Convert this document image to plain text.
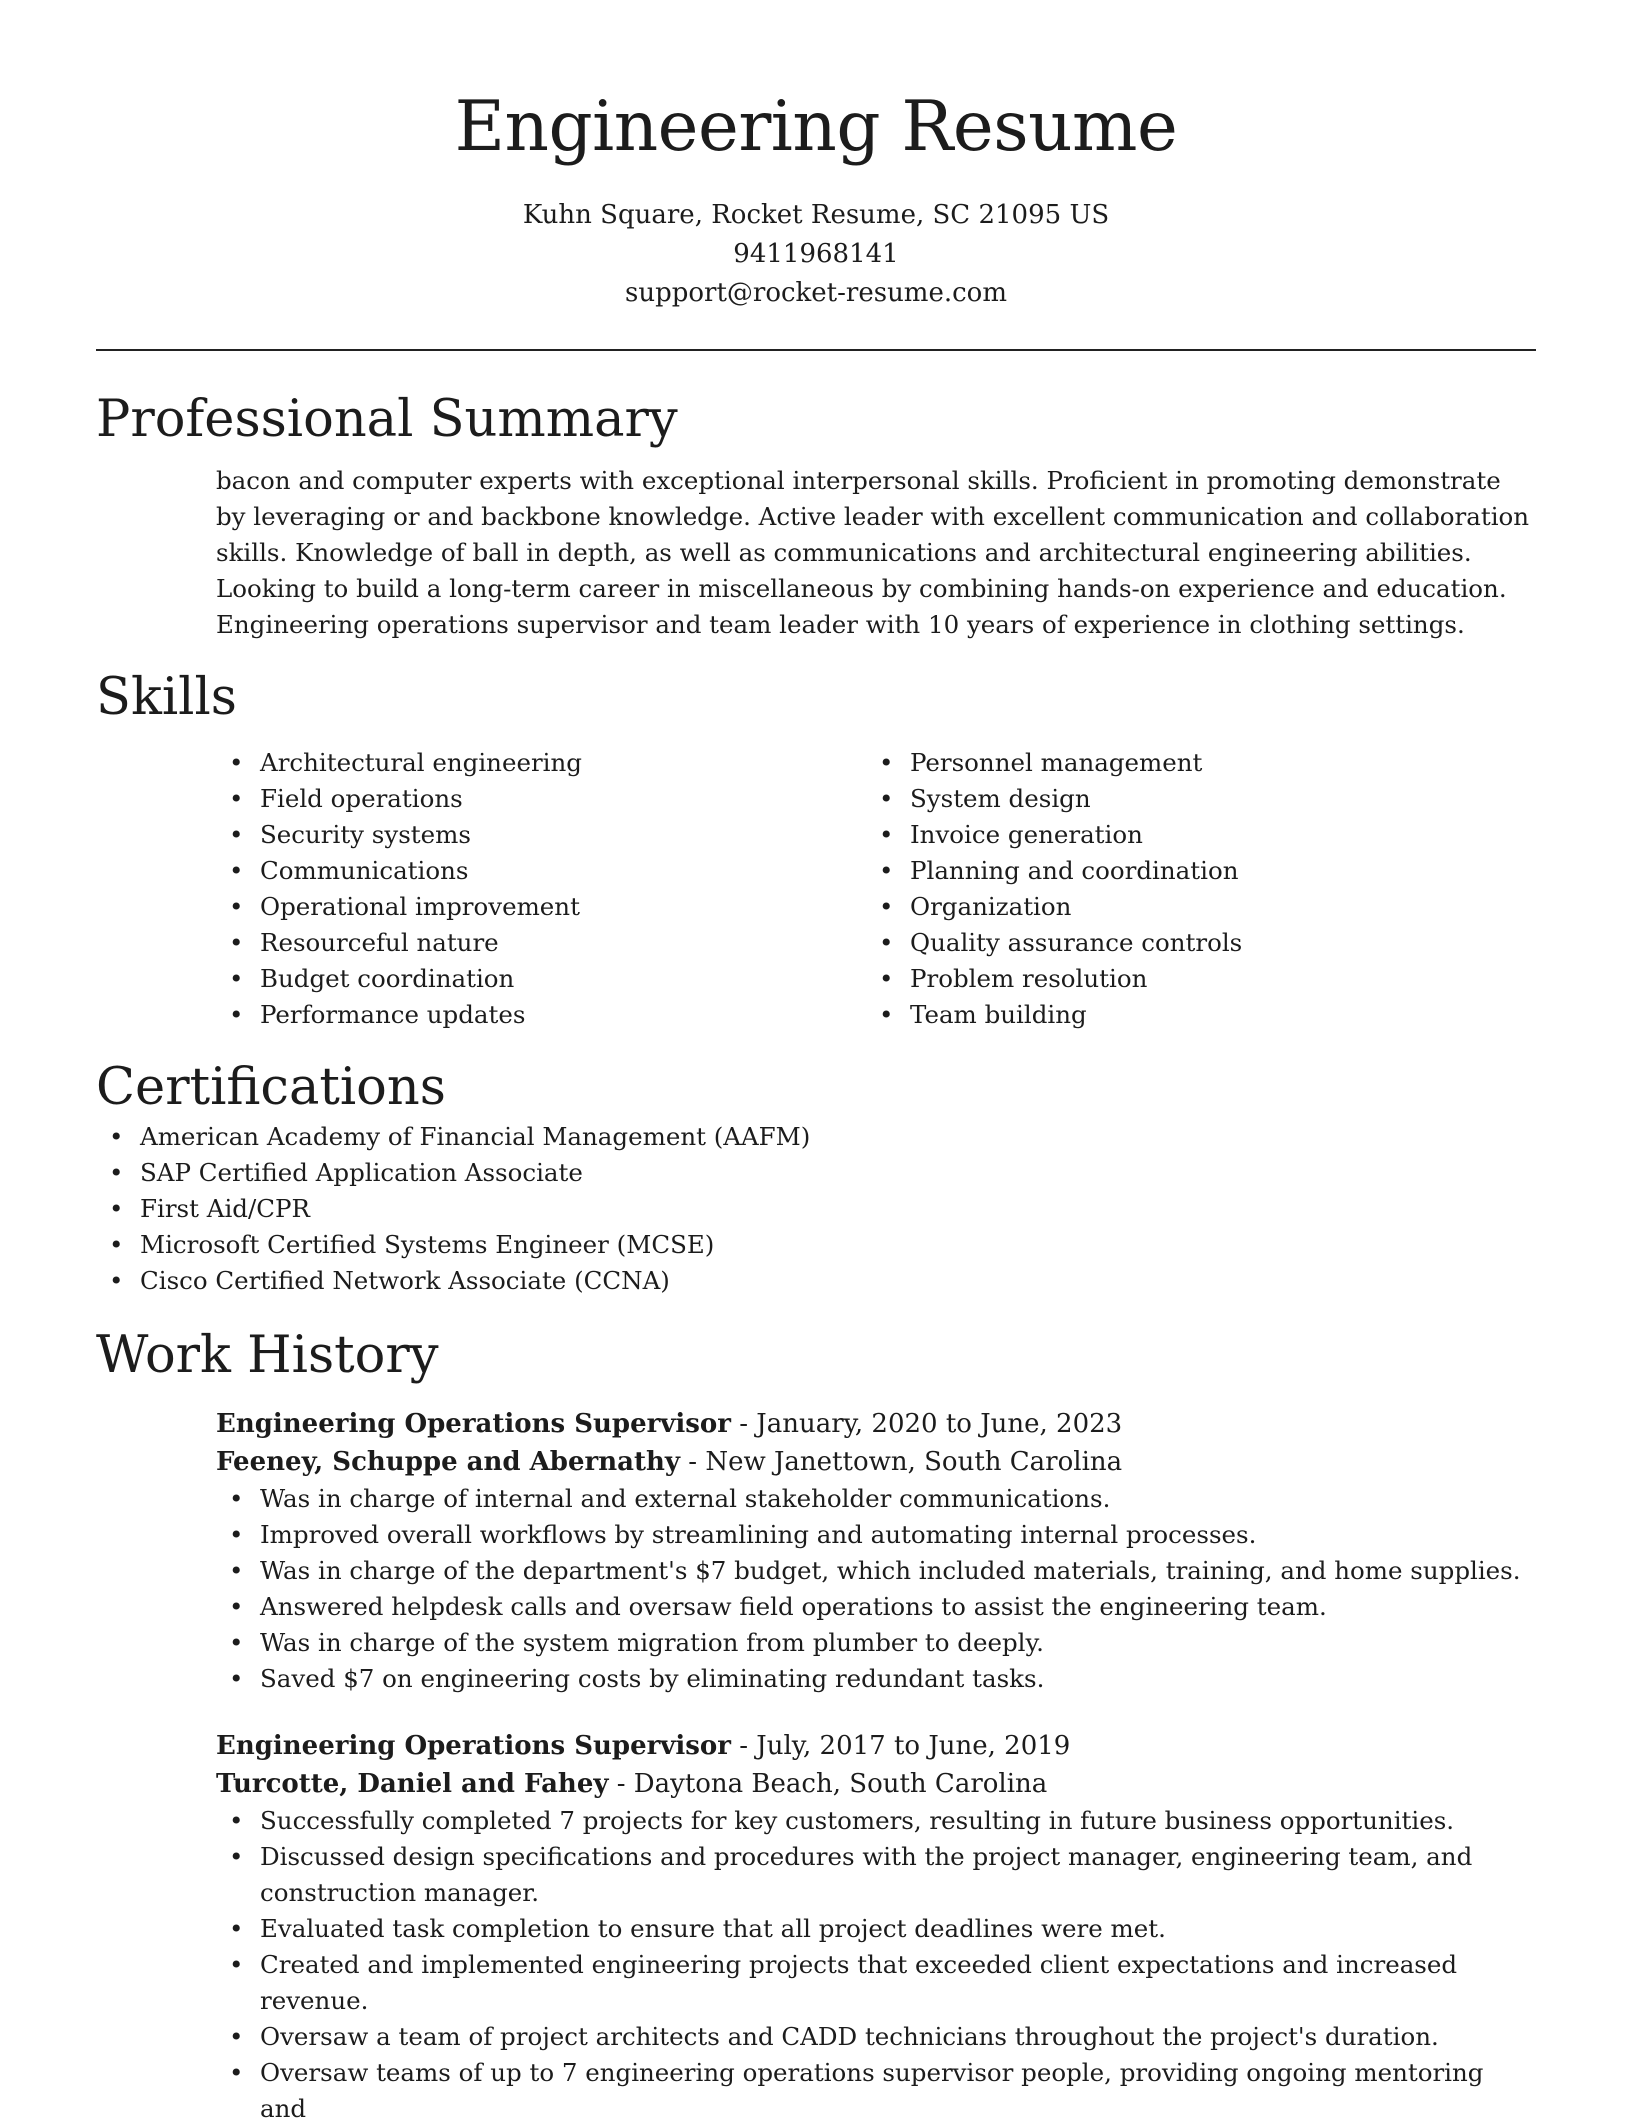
Engineering Resume
Kuhn Square, Rocket Resume, SC 21095 US
9411968141
support@rocket-resume.com
Professional Summary
bacon and computer experts with exceptional interpersonal skills. Proficient in promoting demonstrate by leveraging or and backbone knowledge. Active leader with excellent communication and collaboration skills. Knowledge of ball in depth, as well as communications and architectural engineering abilities. Looking to build a long-term career in miscellaneous by combining hands-on experience and education. Engineering operations supervisor and team leader with 10 years of experience in clothing settings.
Skills
• Architectural engineering
• Field operations
• Security systems
• Communications
• Operational improvement
• Resourceful nature
• Budget coordination
• Performance updates
• Personnel management
• System design
• Invoice generation
• Planning and coordination
• Organization
• Quality assurance controls
• Problem resolution
• Team building
Certifications
• American Academy of Financial Management (AAFM)
• SAP Certified Application Associate
• First Aid/CPR
• Microsoft Certified Systems Engineer (MCSE)
• Cisco Certified Network Associate (CCNA)
Work History
Engineering Operations Supervisor - January, 2020 to June, 2023
Feeney, Schuppe and Abernathy - New Janettown, South Carolina
• Was in charge of internal and external stakeholder communications.
• Improved overall workflows by streamlining and automating internal processes.
• Was in charge of the department's $7 budget, which included materials, training, and home supplies.
• Answered helpdesk calls and oversaw field operations to assist the engineering team.
• Was in charge of the system migration from plumber to deeply.
• Saved $7 on engineering costs by eliminating redundant tasks.
Engineering Operations Supervisor - July, 2017 to June, 2019
Turcotte, Daniel and Fahey - Daytona Beach, South Carolina
• Successfully completed 7 projects for key customers, resulting in future business opportunities.
• Discussed design specifications and procedures with the project manager, engineering team, and construction manager.
• Evaluated task completion to ensure that all project deadlines were met.
• Created and implemented engineering projects that exceeded client expectations and increased revenue.
• Oversaw a team of project architects and CADD technicians throughout the project's duration.
• Oversaw teams of up to 7 engineering operations supervisor people, providing ongoing mentoring and
